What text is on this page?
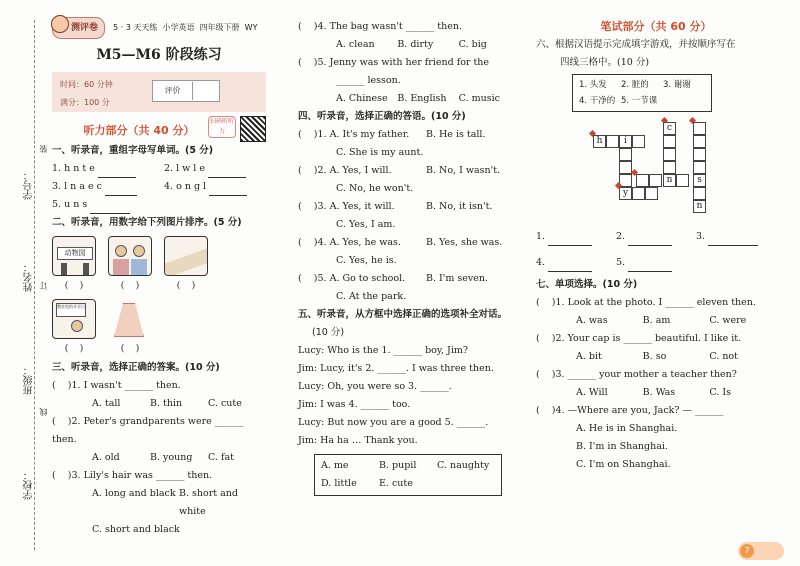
学号：
姓名：
班级：
学校：
装
订
线
测评卷	5 · 3 天天练
小学英语
四年级下册
WY
M5—M6 阶段练习
时间：60 分钟
满分：100 分
评价
听力部分（共 40 分）
扫码听听力
一、听录音，重组字母写单词。(5 分)
1. h n t e	2. l w l e
3. l n a e c	4. o n g l
5. u n s
二、听录音，用数字给下列图片排序。(5 分)
动物园
(    )	(    )	(    )
教室里的开学日
(    )	(    )
三、听录音，选择正确的答案。(10 分)
(    )1. I wasn't ______ then.
A. tall	B. thin	C. cute
(    )2. Peter's grandparents were ______ then.
A. old	B. young	C. fat
(    )3. Lily's hair was ______ then.
A. long and black B. short and white
C. short and black
(    )4. The bag wasn't ______ then.
A. clean	B. dirty	C. big
(    )5. Jenny was with her friend for the
______ lesson.
A. Chinese	B. English	C. music
四、听录音，选择正确的答语。(10 分)
(    )1. A. It's my father.	B. He is tall.
C. She is my aunt.
(    )2. A. Yes, I will.	B. No, I wasn't.
C. No, he won't.
(    )3. A. Yes, it will.	B. No, it isn't.
C. Yes, I am.
(    )4. A. Yes, he was.	B. Yes, she was.
C. Yes, he is.
(    )5. A. Go to school.	B. I'm seven.
C. At the park.
五、听录音，从方框中选择正确的选项补全对话。
(10 分)
Lucy: Who is the 1. ______ boy, Jim?
Jim: Lucy, it's 2. ______. I was three then.
Lucy: Oh, you were so 3. ______.
Jim: I was 4. ______ too.
Lucy: But now you are a good 5. ______.
Jim: Ha ha … Thank you.
A. me	B. pupil	C. naughty
D. little	E. cute
笔试部分（共 60 分）
六、根据汉语提示完成填字游戏，并按顺序写在
四线三格中。(10 分)
1. 头发	2. 脏的	3. 谢谢
4. 干净的 5. 一节课
c
n
h	i
y
s
n
1.	2.	3.
4.	5.
七、单项选择。(10 分)
(    )1. Look at the photo. I ______ eleven then.
A. was	B. am	C. were
(    )2. Your cap is ______ beautiful. I like it.
A. bit	B. so	C. not
(    )3. ______ your mother a teacher then?
A. Will	B. Was	C. Is
(    )4. —Where are you, Jack? — ______
A. He is in Shanghai.
B. I'm in Shanghai.
C. I'm on Shanghai.
7
